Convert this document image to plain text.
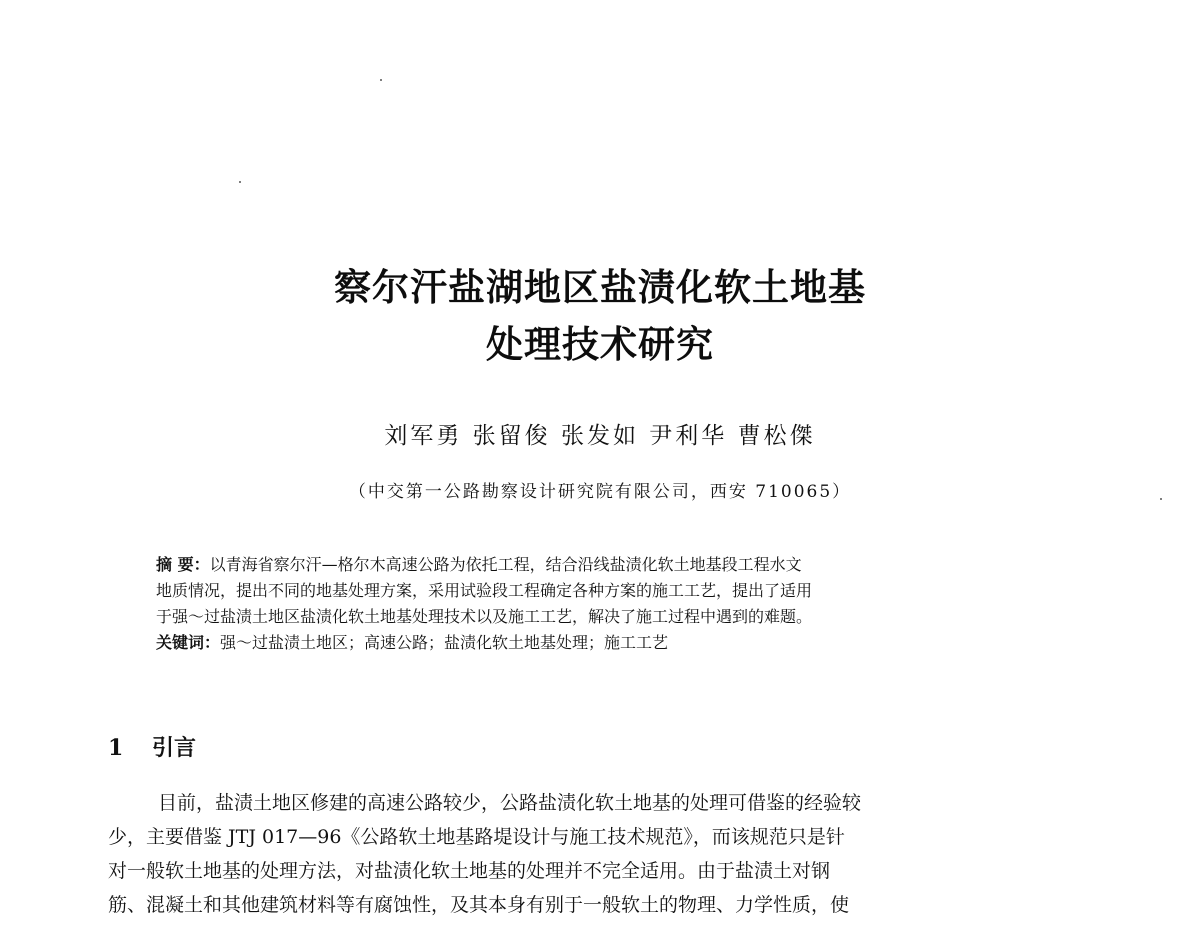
察尔汗盐湖地区盐渍化软土地基
处理技术研究
刘军勇 张留俊 张发如 尹利华 曹松傑
（中交第一公路勘察设计研究院有限公司，西安 710065）
摘 要：以青海省察尔汗—格尔木高速公路为依托工程，结合沿线盐渍化软土地基段工程水文
地质情况，提出不同的地基处理方案，采用试验段工程确定各种方案的施工工艺，提出了适用
于强～过盐渍土地区盐渍化软土地基处理技术以及施工工艺，解决了施工过程中遇到的难题。
关键词：强～过盐渍土地区；高速公路；盐渍化软土地基处理；施工工艺
1 引言
目前，盐渍土地区修建的高速公路较少，公路盐渍化软土地基的处理可借鉴的经验较
少，主要借鉴 JTJ 017—96《公路软土地基路堤设计与施工技术规范》，而该规范只是针
对一般软土地基的处理方法，对盐渍化软土地基的处理并不完全适用。由于盐渍土对钢
筋、混凝土和其他建筑材料等有腐蚀性，及其本身有别于一般软土的物理、力学性质，使
